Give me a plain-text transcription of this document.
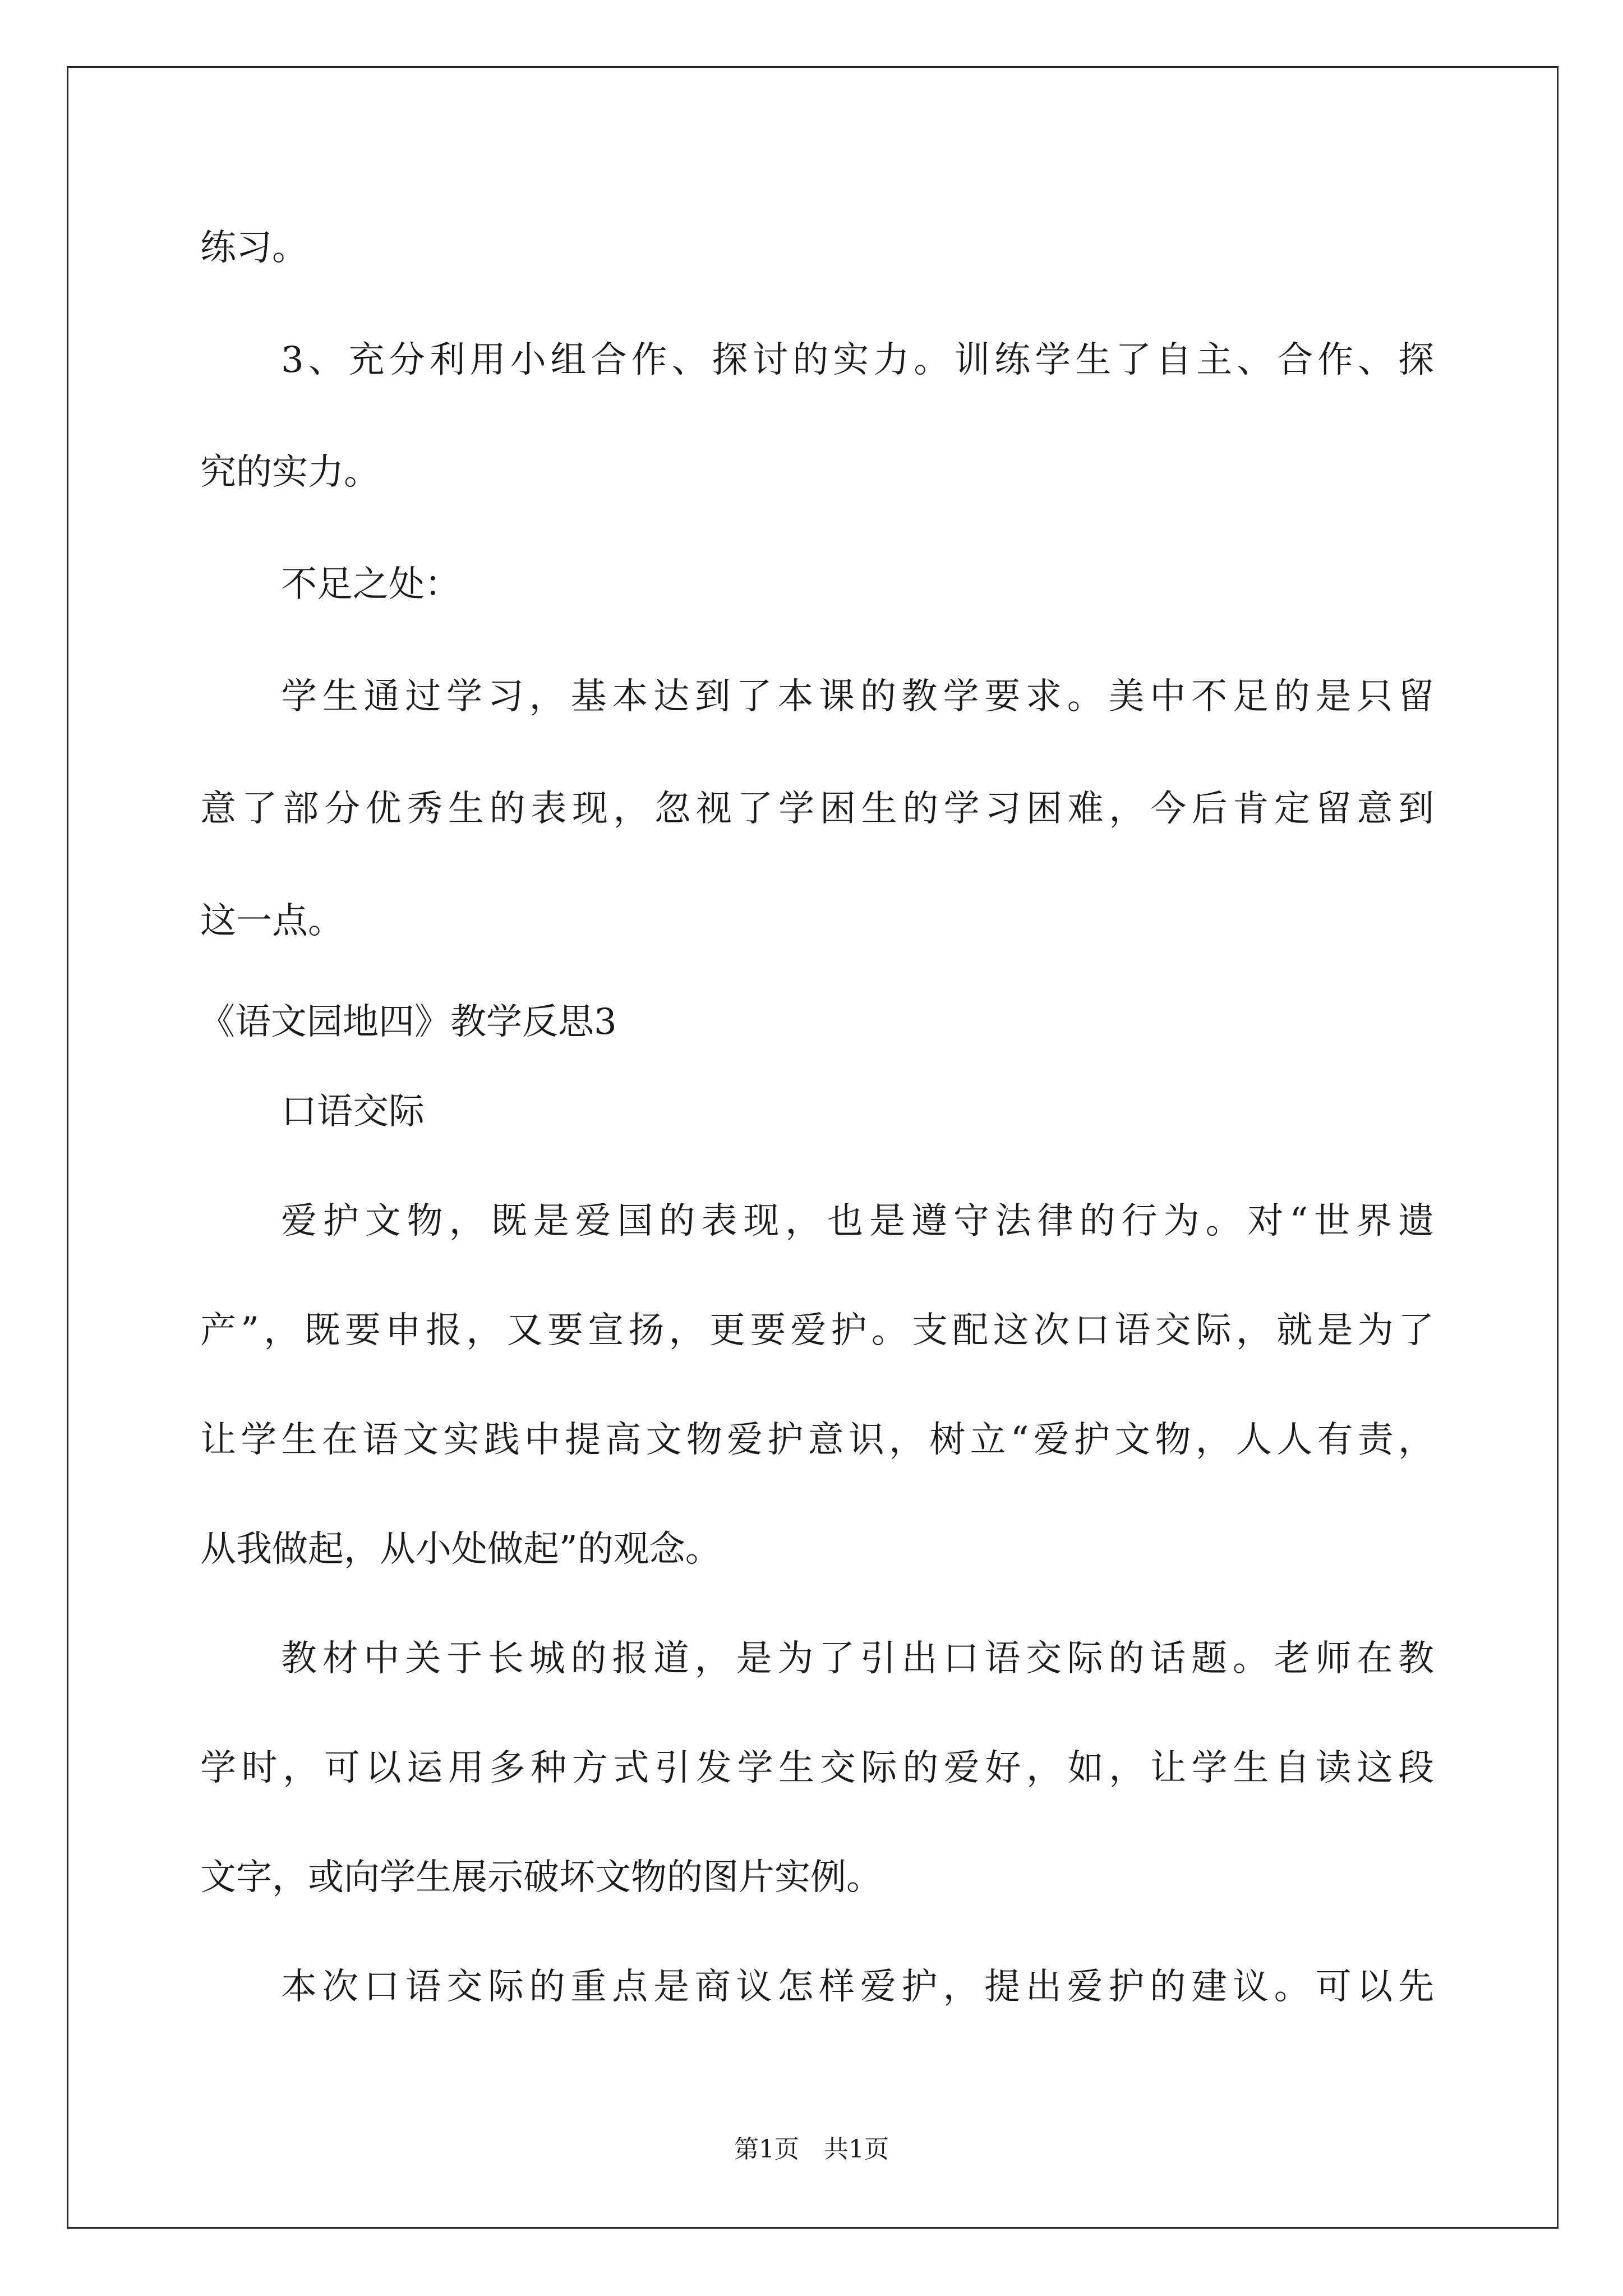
练习。
3、充分利用小组合作、探讨的实力。训练学生了自主、合作、探
究的实力。
不足之处：
学生通过学习，基本达到了本课的教学要求。美中不足的是只留
意了部分优秀生的表现，忽视了学困生的学习困难，今后肯定留意到
这一点。
《语文园地四》教学反思3
口语交际
爱护文物，既是爱国的表现，也是遵守法律的行为。对“世界遗
产”，既要申报，又要宣扬，更要爱护。支配这次口语交际，就是为了
让学生在语文实践中提高文物爱护意识，树立“爱护文物，人人有责，
从我做起，从小处做起”的观念。
教材中关于长城的报道，是为了引出口语交际的话题。老师在教
学时，可以运用多种方式引发学生交际的爱好，如，让学生自读这段
文字，或向学生展示破坏文物的图片实例。
本次口语交际的重点是商议怎样爱护，提出爱护的建议。可以先
第1页　共1页
